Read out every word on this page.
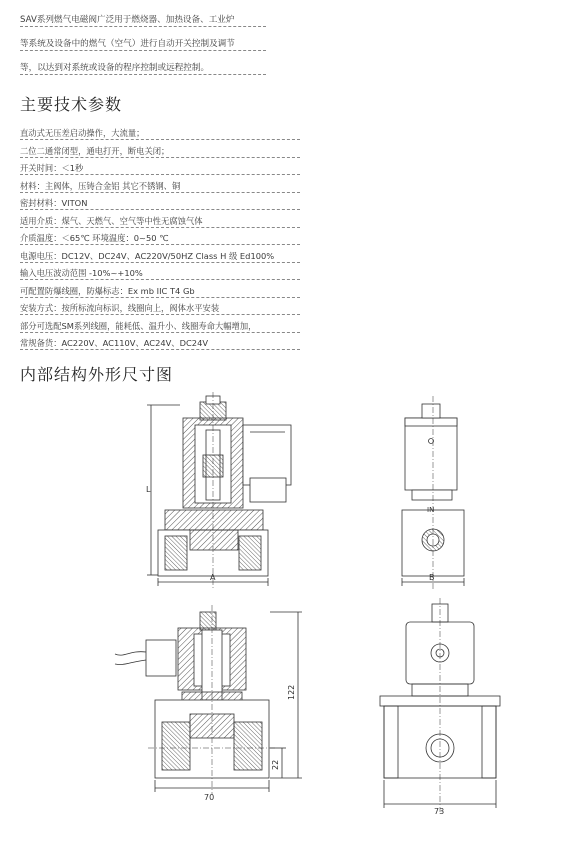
SAV系列燃气电磁阀广泛用于燃烧器、加热设备、工业炉
等系统及设备中的燃气（空气）进行自动开关控制及调节
等，以达到对系统或设备的程序控制或远程控制。
主要技术参数
直动式无压差启动操作，大流量；
二位二通常闭型，通电打开，断电关闭；
开关时间：＜1秒
材料：主阀体，压铸合金铝 其它不锈钢、铜
密封材料：VITON
适用介质：煤气、天燃气、空气等中性无腐蚀气体
介质温度：＜65℃ 环境温度：0~50 ℃
电源电压：DC12V、DC24V、AC220V/50HZ Class H 级 Ed100%
输入电压波动范围 -10%~+10%
可配置防爆线圈，防爆标志：Ex mb IIC T4 Gb
安装方式：按所标流向标识，线圈向上，阀体水平安装
部分可选配SM系列线圈，能耗低、温升小、线圈寿命大幅增加，
常规备货：AC220V、AC110V、AC24V、DC24V
内部结构外形尺寸图
L
A
IN
B
122
22
70
73
